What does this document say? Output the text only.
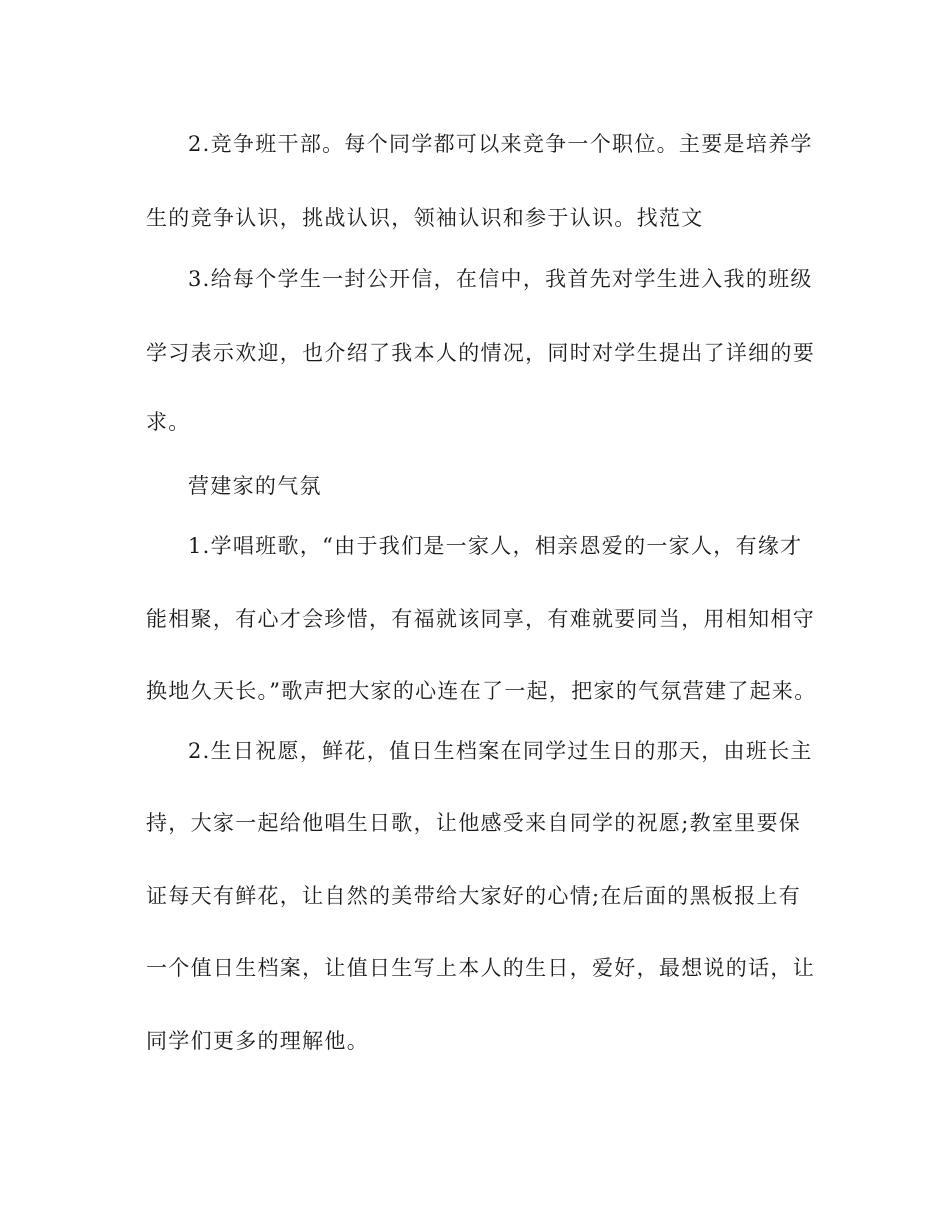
2.竞争班干部。每个同学都可以来竞争一个职位。主要是培养学

生的竞争认识，挑战认识，领袖认识和参于认识。找范文

3.给每个学生一封公开信，在信中，我首先对学生进入我的班级

学习表示欢迎，也介绍了我本人的情况，同时对学生提出了详细的要

求。

营建家的气氛

1.学唱班歌，“由于我们是一家人，相亲恩爱的一家人，有缘才

能相聚，有心才会珍惜，有福就该同享，有难就要同当，用相知相守

换地久天长。”歌声把大家的心连在了一起，把家的气氛营建了起来。

2.生日祝愿，鲜花，值日生档案在同学过生日的那天，由班长主

持，大家一起给他唱生日歌，让他感受来自同学的祝愿;教室里要保

证每天有鲜花，让自然的美带给大家好的心情;在后面的黑板报上有

一个值日生档案，让值日生写上本人的生日，爱好，最想说的话，让

同学们更多的理解他。
